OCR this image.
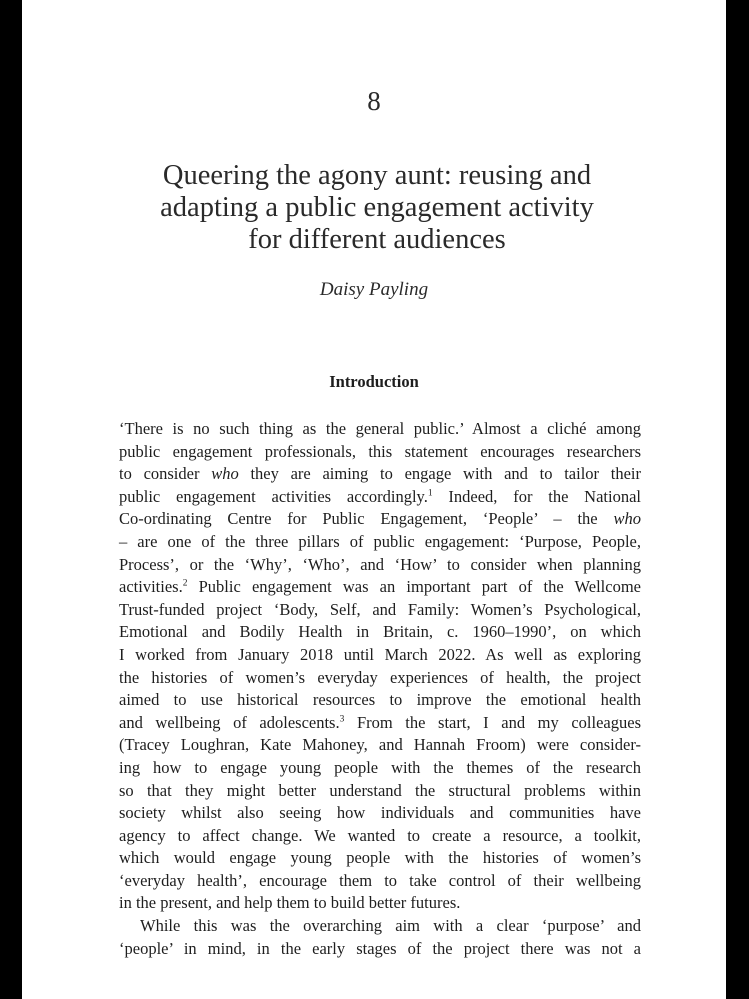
8
Queering the agony aunt: reusing and
adapting a public engagement activity
for different audiences
Daisy Payling
Introduction
‘There is no such thing as the general public.’ Almost a cliché among
public engagement professionals, this statement encourages researchers
to consider who they are aiming to engage with and to tailor their
public engagement activities accordingly.$^1$ Indeed, for the National
Co-ordinating Centre for Public Engagement, ‘People’ – the who
– are one of the three pillars of public engagement: ‘Purpose, People,
Process’, or the ‘Why’, ‘Who’, and ‘How’ to consider when planning
activities.$^2$ Public engagement was an important part of the Wellcome
Trust-funded project ‘Body, Self, and Family: Women’s Psychological,
Emotional and Bodily Health in Britain, c. 1960–1990’, on which
I worked from January 2018 until March 2022. As well as exploring
the histories of women’s everyday experiences of health, the project
aimed to use historical resources to improve the emotional health
and wellbeing of adolescents.$^3$ From the start, I and my colleagues
(Tracey Loughran, Kate Mahoney, and Hannah Froom) were consider-
ing how to engage young people with the themes of the research
so that they might better understand the structural problems within
society whilst also seeing how individuals and communities have
agency to affect change. We wanted to create a resource, a toolkit,
which would engage young people with the histories of women’s
‘everyday health’, encourage them to take control of their wellbeing
in the present, and help them to build better futures.
While this was the overarching aim with a clear ‘purpose’ and
‘people’ in mind, in the early stages of the project there was not a
